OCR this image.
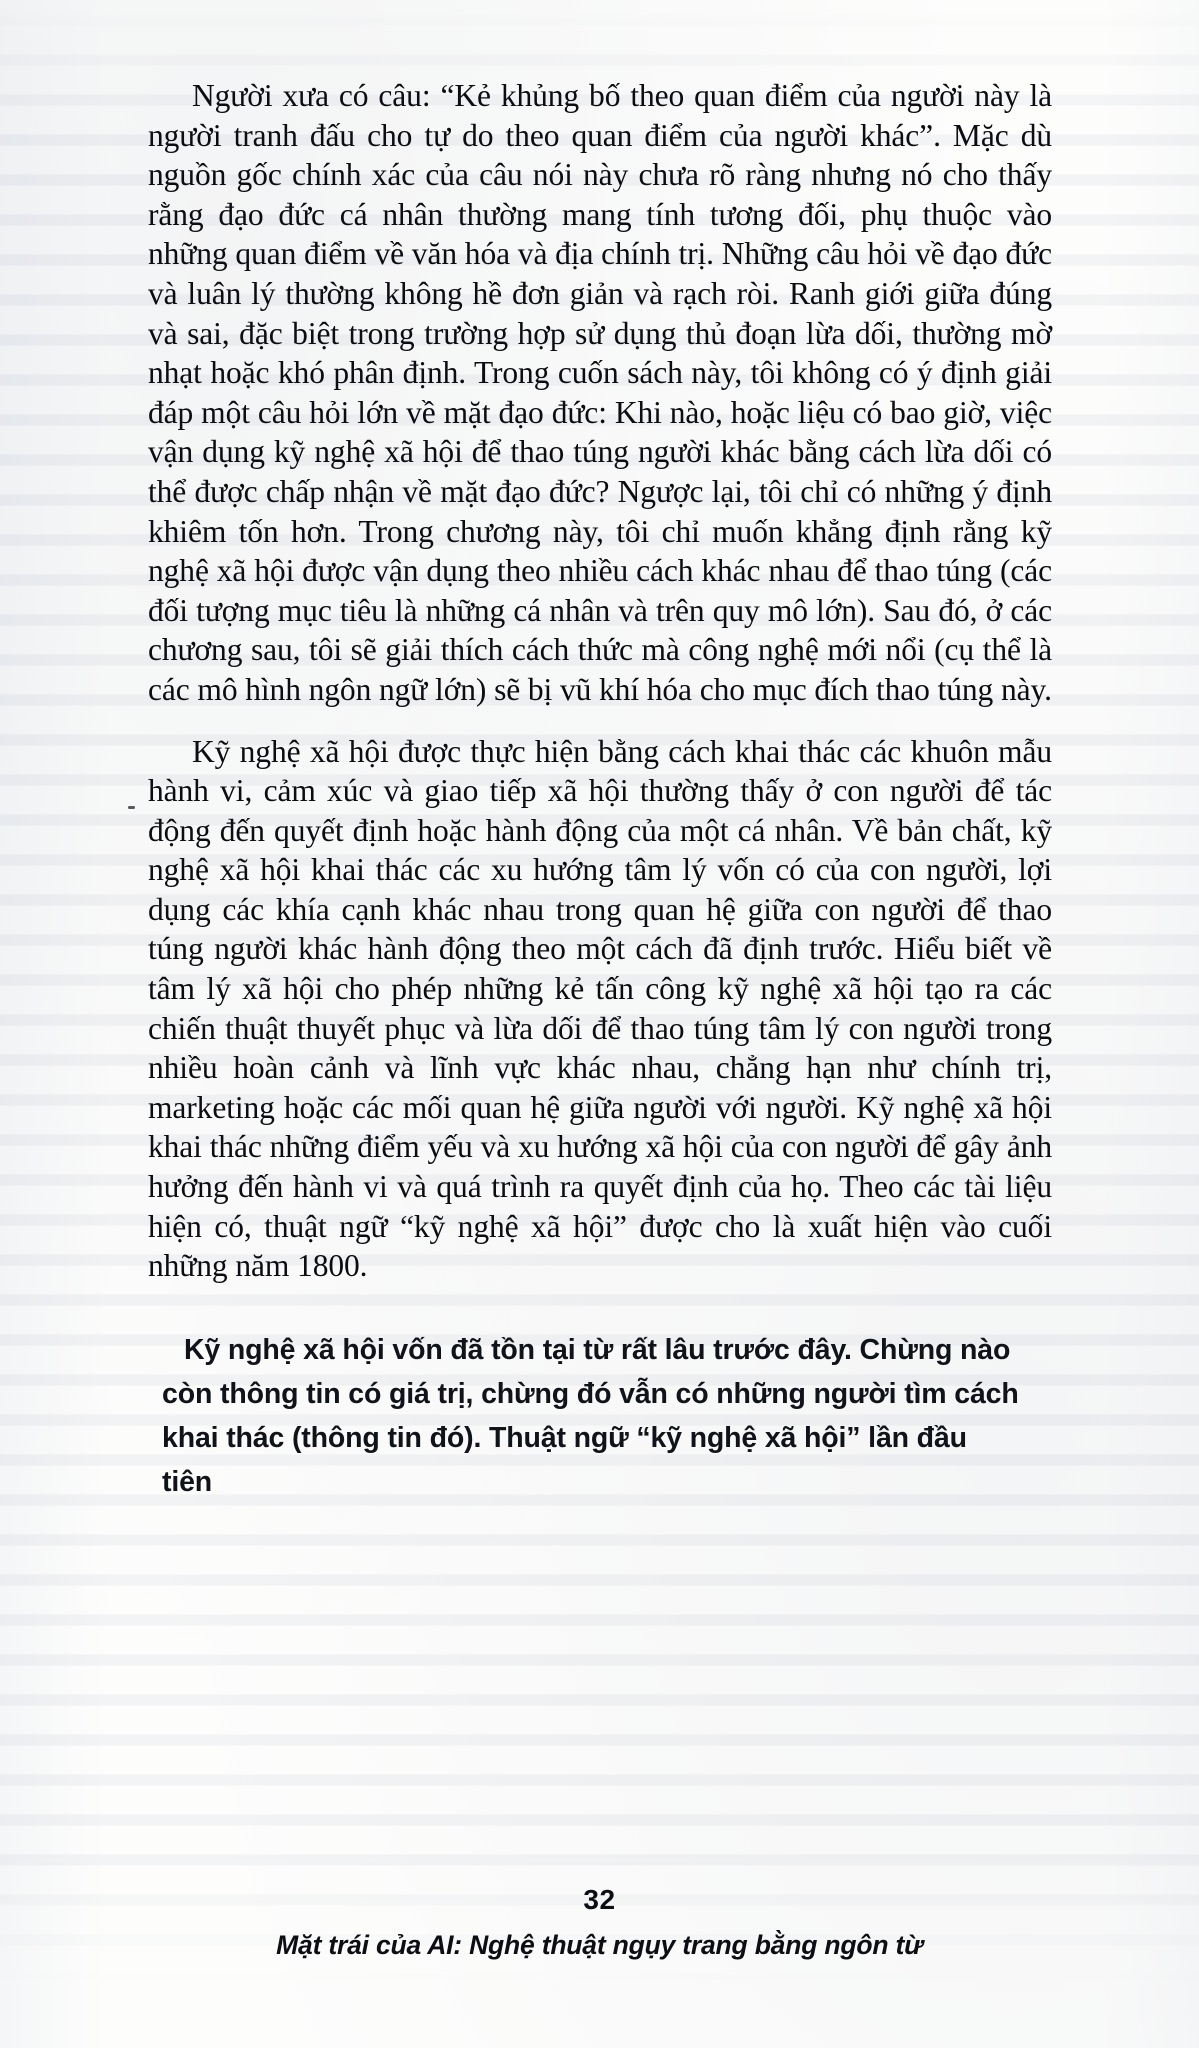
Người xưa có câu: “Kẻ khủng bố theo quan điểm của người này là người tranh đấu cho tự do theo quan điểm của người khác”. Mặc dù nguồn gốc chính xác của câu nói này chưa rõ ràng nhưng nó cho thấy rằng đạo đức cá nhân thường mang tính tương đối, phụ thuộc vào những quan điểm về văn hóa và địa chính trị. Những câu hỏi về đạo đức và luân lý thường không hề đơn giản và rạch ròi. Ranh giới giữa đúng và sai, đặc biệt trong trường hợp sử dụng thủ đoạn lừa dối, thường mờ nhạt hoặc khó phân định. Trong cuốn sách này, tôi không có ý định giải đáp một câu hỏi lớn về mặt đạo đức: Khi nào, hoặc liệu có bao giờ, việc vận dụng kỹ nghệ xã hội để thao túng người khác bằng cách lừa dối có thể được chấp nhận về mặt đạo đức? Ngược lại, tôi chỉ có những ý định khiêm tốn hơn. Trong chương này, tôi chỉ muốn khẳng định rằng kỹ nghệ xã hội được vận dụng theo nhiều cách khác nhau để thao túng (các đối tượng mục tiêu là những cá nhân và trên quy mô lớn). Sau đó, ở các chương sau, tôi sẽ giải thích cách thức mà công nghệ mới nổi (cụ thể là các mô hình ngôn ngữ lớn) sẽ bị vũ khí hóa cho mục đích thao túng này.

Kỹ nghệ xã hội được thực hiện bằng cách khai thác các khuôn mẫu hành vi, cảm xúc và giao tiếp xã hội thường thấy ở con người để tác động đến quyết định hoặc hành động của một cá nhân. Về bản chất, kỹ nghệ xã hội khai thác các xu hướng tâm lý vốn có của con người, lợi dụng các khía cạnh khác nhau trong quan hệ giữa con người để thao túng người khác hành động theo một cách đã định trước. Hiểu biết về tâm lý xã hội cho phép những kẻ tấn công kỹ nghệ xã hội tạo ra các chiến thuật thuyết phục và lừa dối để thao túng tâm lý con người trong nhiều hoàn cảnh và lĩnh vực khác nhau, chẳng hạn như chính trị, marketing hoặc các mối quan hệ giữa người với người. Kỹ nghệ xã hội khai thác những điểm yếu và xu hướng xã hội của con người để gây ảnh hưởng đến hành vi và quá trình ra quyết định của họ. Theo các tài liệu hiện có, thuật ngữ “kỹ nghệ xã hội” được cho là xuất hiện vào cuối những năm 1800.

Kỹ nghệ xã hội vốn đã tồn tại từ rất lâu trước đây. Chừng nào còn thông tin có giá trị, chừng đó vẫn có những người tìm cách khai thác (thông tin đó). Thuật ngữ “kỹ nghệ xã hội” lần đầu tiên

32

Mặt trái của AI: Nghệ thuật ngụy trang bằng ngôn từ
